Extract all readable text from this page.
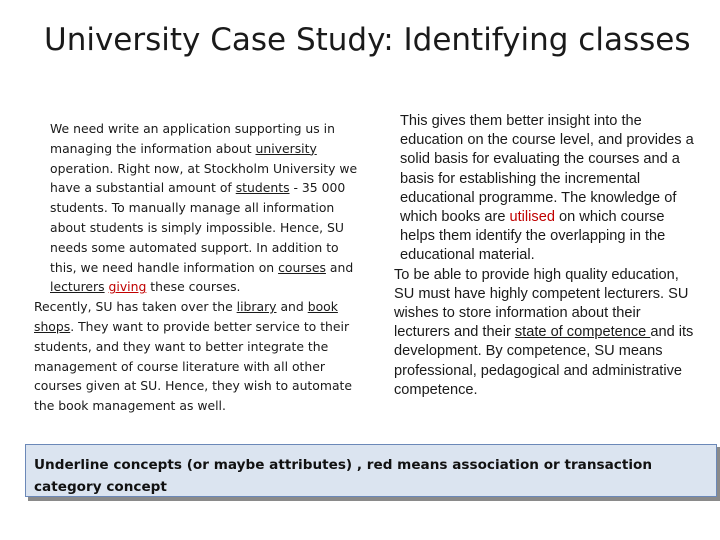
University Case Study: Identifying classes

We need write an application supporting us in managing the information about university operation. Right now, at Stockholm University we have a substantial amount of students - 35 000 students. To manually manage all information about students is simply impossible. Hence, SU needs some automated support. In addition to this, we need handle information on courses and lecturers giving these courses.

Recently, SU has taken over the library and book shops. They want to provide better service to their students, and they want to better integrate the management of course literature with all other courses given at SU. Hence, they wish to automate the book management as well.

This gives them better insight into the education on the course level, and provides a solid basis for evaluating the courses and a basis for establishing the incremental educational programme. The knowledge of which books are utilised on which course helps them identify the overlapping in the educational material.

To be able to provide high quality education, SU must have highly competent lecturers. SU wishes to store information about their lecturers and their state of competence and its development. By competence, SU means professional, pedagogical and administrative competence.

Underline concepts (or maybe attributes) , red means association or transaction category concept
